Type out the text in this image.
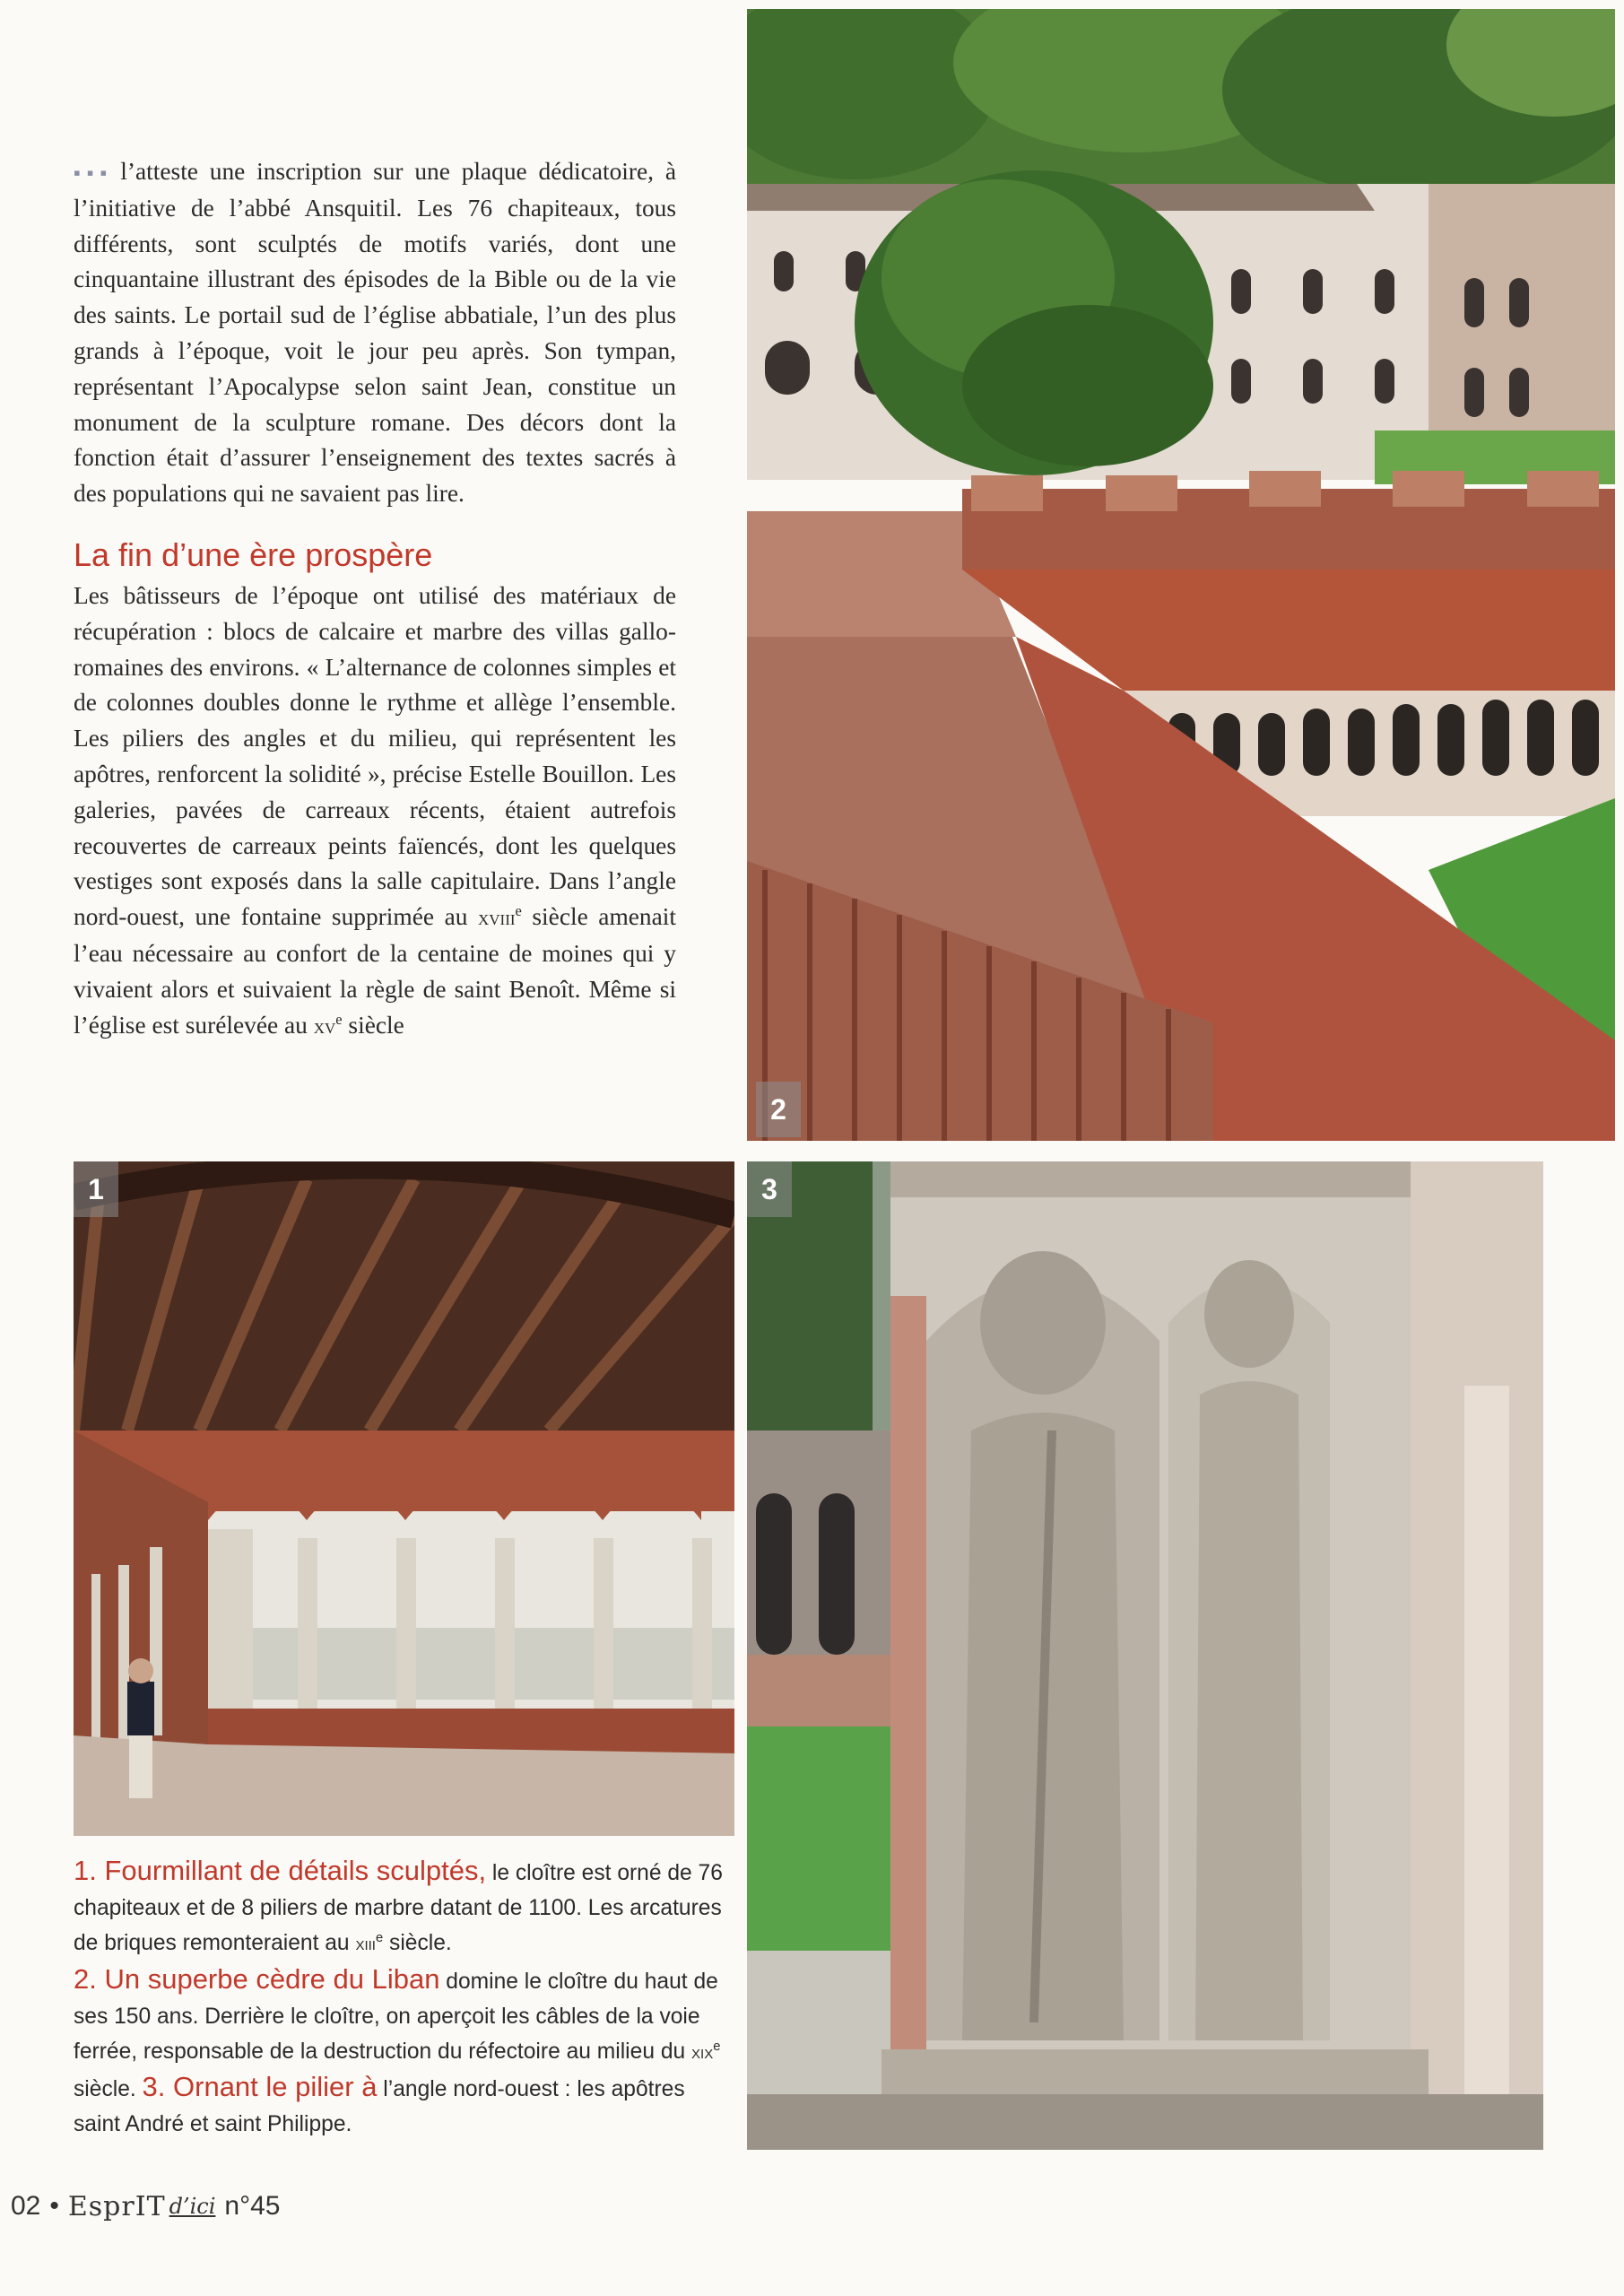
▪▪▪ l’atteste une inscription sur une plaque dédicatoire, à l’initiative de l’abbé Ansquitil. Les 76 chapiteaux, tous différents, sont sculptés de motifs variés, dont une cinquantaine illustrant des épisodes de la Bible ou de la vie des saints. Le portail sud de l’église abbatiale, l’un des plus grands à l’époque, voit le jour peu après. Son tympan, représentant l’Apocalypse selon saint Jean, constitue un monument de la sculpture romane. Des décors dont la fonction était d’assurer l’enseignement des textes sacrés à des populations qui ne savaient pas lire.

La fin d’une ère prospère

Les bâtisseurs de l’époque ont utilisé des matériaux de récupération : blocs de calcaire et marbre des villas gallo-romaines des environs. « L’alternance de colonnes simples et de colonnes doubles donne le rythme et allège l’ensemble. Les piliers des angles et du milieu, qui représentent les apôtres, renforcent la solidité », précise Estelle Bouillon. Les galeries, pavées de carreaux récents, étaient autrefois recouvertes de carreaux peints faïencés, dont les quelques vestiges sont exposés dans la salle capitulaire. Dans l’angle nord-ouest, une fontaine supprimée au xviii$^e$ siècle amenait l’eau nécessaire au confort de la centaine de moines qui y vivaient alors et suivaient la règle de saint Benoît. Même si l’église est surélevée au $xv^e$ siècle

2
1	3
1. Fourmillant de détails sculptés, le cloître est orné de 76 chapiteaux et de 8 piliers de marbre datant de 1100. Les arcatures de briques remonteraient au xiii$^e$ siècle.
2. Un superbe cèdre du Liban domine le cloître du haut de ses 150 ans. Derrière le cloître, on aperçoit les câbles de la voie ferrée, responsable de la destruction du réfectoire au milieu du xix$^e$ siècle. 3. Ornant le pilier à l’angle nord-ouest : les apôtres saint André et saint Philippe.
02 • EsprIT d’ici n°45
